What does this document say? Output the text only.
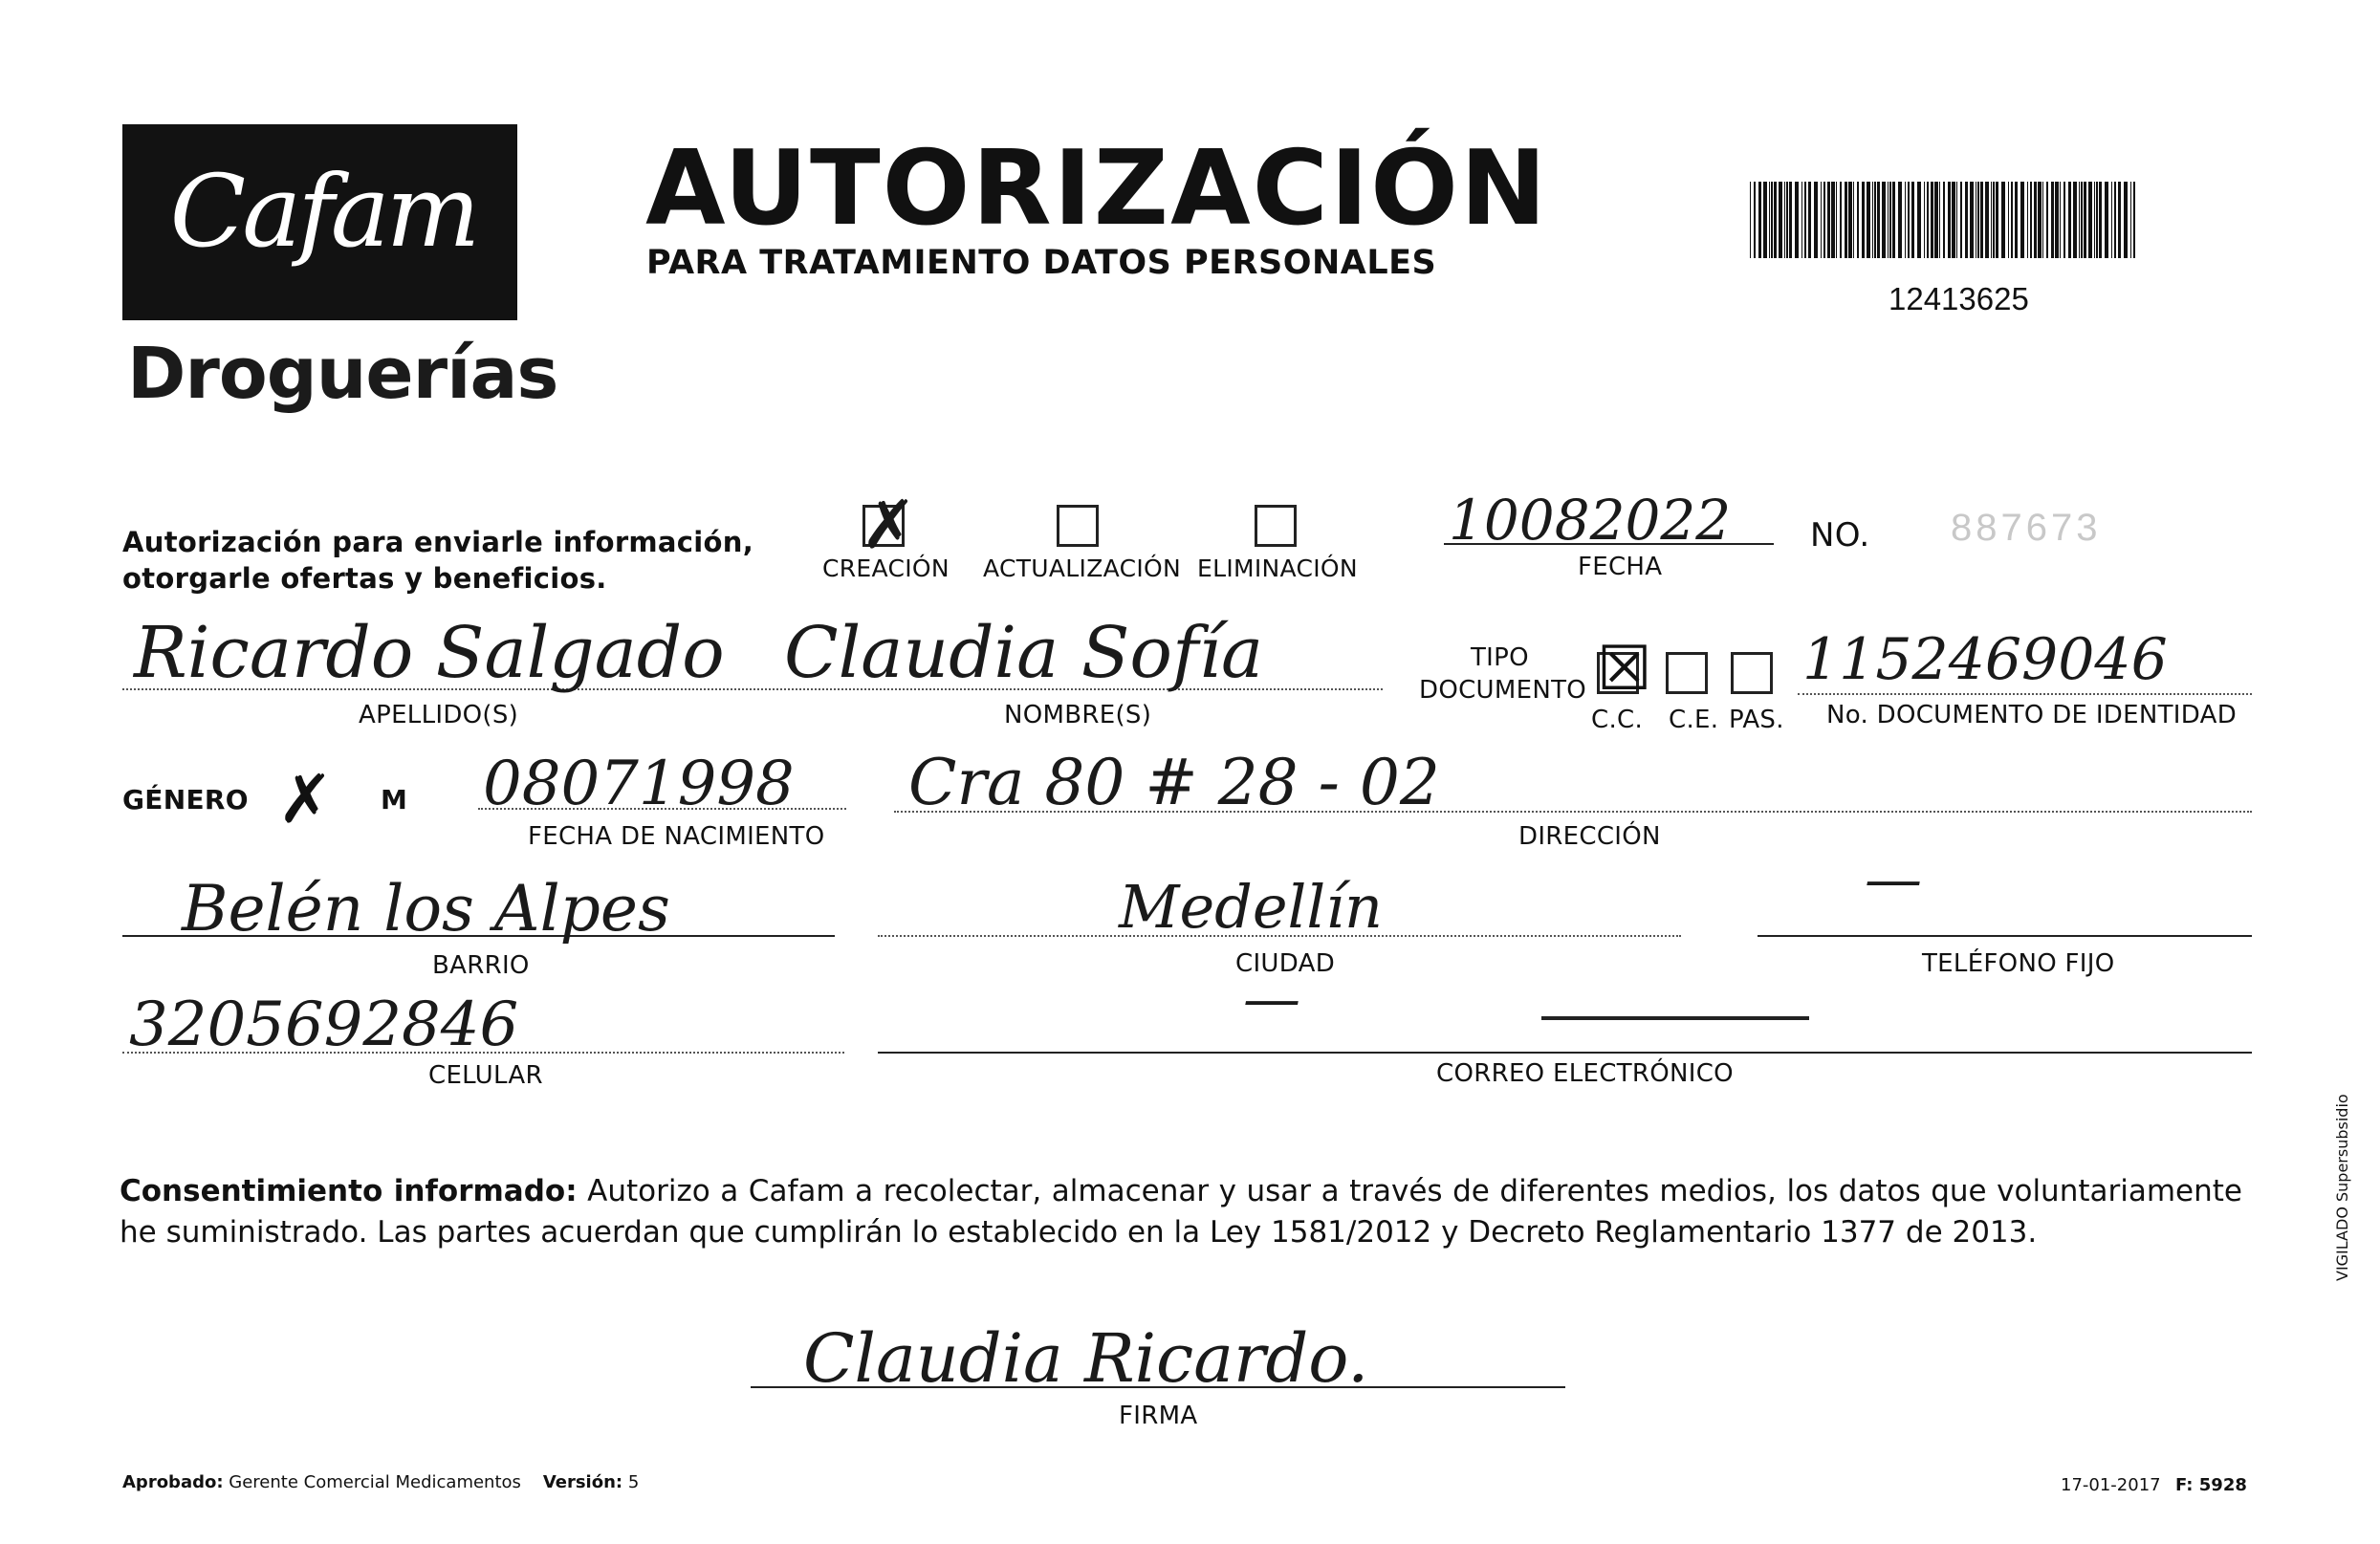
Cafam
Droguerías
AUTORIZACIÓN
PARA TRATAMIENTO DATOS PERSONALES
12413625
Autorización para enviarle información,
otorgarle ofertas y beneficios.
✗
CREACIÓN ACTUALIZACIÓN ELIMINACIÓN
10082022
FECHA
NO. 887673
Ricardo Salgado Claudia Sofía
APELLIDO(S)	NOMBRE(S)
TIPO
DOCUMENTO ☒
C.C. C.E. PAS.
1152469046
No. DOCUMENTO DE IDENTIDAD
GÉNERO ✗ M 08071998
FECHA DE NACIMIENTO
Cra 80 # 28 - 02
DIRECCIÓN
Belén los Alpes
BARRIO
Medellín
CIUDAD
—
TELÉFONO FIJO
3205692846
CELULAR
—
CORREO ELECTRÓNICO
Consentimiento informado: Autorizo a Cafam a recolectar, almacenar y usar a través de diferentes medios, los datos que voluntariamente he suministrado. Las partes acuerdan que cumplirán lo establecido en la Ley 1581/2012 y Decreto Reglamentario 1377 de 2013.
Claudia Ricardo.
FIRMA
Aprobado: Gerente Comercial Medicamentos Versión: 5	17-01-2017 F: 5928
VIGILADO Supersubsidio
